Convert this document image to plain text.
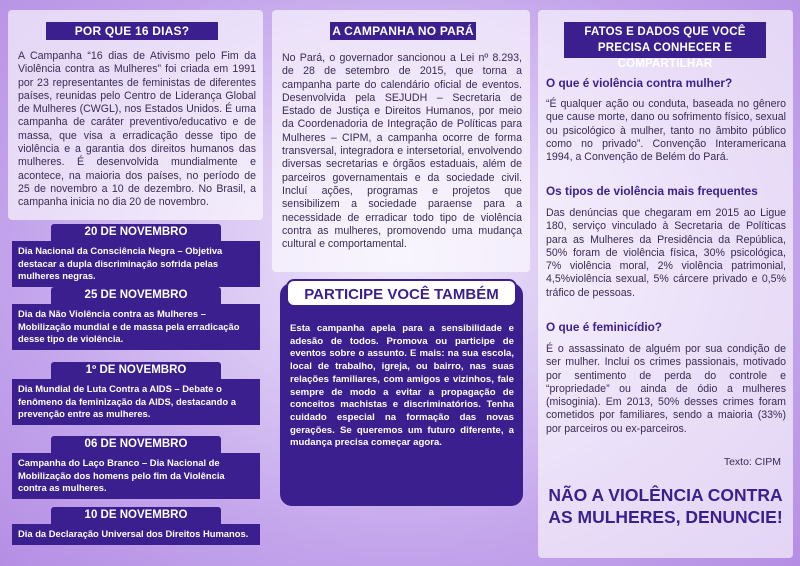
POR QUE 16 DIAS?
A Campanha “16 dias de Ativismo pelo Fim da Violência contra as Mulheres” foi criada em 1991 por 23 representantes de feministas de diferentes países, reunidas pelo Centro de Liderança Global de Mulheres (CWGL), nos Estados Unidos. É uma campanha de caráter preventivo/educativo e de massa, que visa a erradicação desse tipo de violência e a garantia dos direitos humanos das mulheres. É desenvolvida mundialmente e acontece, na maioria dos países, no período de 25 de novembro a 10 de dezembro. No Brasil, a campanha inicia no dia 20 de novembro.
20 DE NOVEMBRO
Dia Nacional da Consciência Negra – Objetiva destacar a dupla discriminação sofrida pelas mulheres negras.
25 DE NOVEMBRO
Dia da Não Violência contra as Mulheres – Mobilização mundial e de massa pela erradicação desse tipo de violência.
1º DE NOVEMBRO
Dia Mundial de Luta Contra a AIDS – Debate o fenômeno da feminização da AIDS, destacando a prevenção entre as mulheres.
06 DE NOVEMBRO
Campanha do Laço Branco – Dia Nacional de Mobilização dos homens pelo fim da Violência contra as mulheres.
10 DE NOVEMBRO
Dia da Declaração Universal dos Direitos Humanos.
A CAMPANHA NO PARÁ
No Pará, o governador sancionou a Lei nº 8.293, de 28 de setembro de 2015, que torna a campanha parte do calendário oficial de eventos. Desenvolvida pela SEJUDH – Secretaria de Estado de Justiça e Direitos Humanos, por meio da Coordenadoria de Integração de Políticas para Mulheres – CIPM, a campanha ocorre de forma transversal, integradora e intersetorial, envolvendo diversas secretarias e órgãos estaduais, além de parceiros governamentais e da sociedade civil. Incluí ações, programas e projetos que sensibilizem a sociedade paraense para a necessidade de erradicar todo tipo de violência contra as mulheres, promovendo uma mudança cultural e comportamental.
PARTICIPE VOCÊ TAMBÉM
Esta campanha apela para a sensibilidade e adesão de todos. Promova ou participe de eventos sobre o assunto. E mais: na sua escola, local de trabalho, igreja, ou bairro, nas suas relações familiares, com amigos e vizinhos, fale sempre de modo a evitar a propagação de conceitos machistas e discriminatórios. Tenha cuidado especial na formação das novas gerações. Se queremos um futuro diferente, a mudança precisa começar agora.
FATOS E DADOS QUE VOCÊ PRECISA CONHECER E COMPARTILHAR
O que é violência contra mulher?
“É qualquer ação ou conduta, baseada no gênero que cause morte, dano ou sofrimento físico, sexual ou psicológico à mulher, tanto no âmbito público como no privado”. Convenção Interamericana 1994, a Convenção de Belém do Pará.
Os tipos de violência mais frequentes
Das denúncias que chegaram em 2015 ao Ligue 180, serviço vinculado à Secretaria de Políticas para as Mulheres da Presidência da República, 50% foram de violência física, 30% psicológica, 7% violência moral, 2% violência patrimonial, 4,5%violência sexual, 5% cárcere privado e 0,5% tráfico de pessoas.
O que é feminicídio?
É o assassinato de alguém por sua condição de ser mulher. Inclui os crimes passionais, motivado por sentimento de perda do controle e “propriedade” ou ainda de ódio a mulheres (misoginia). Em 2013, 50% desses crimes foram cometidos por familiares, sendo a maioria (33%) por parceiros ou ex-parceiros.
Texto: CIPM
NÃO A VIOLÊNCIA CONTRA AS MULHERES, DENUNCIE!
